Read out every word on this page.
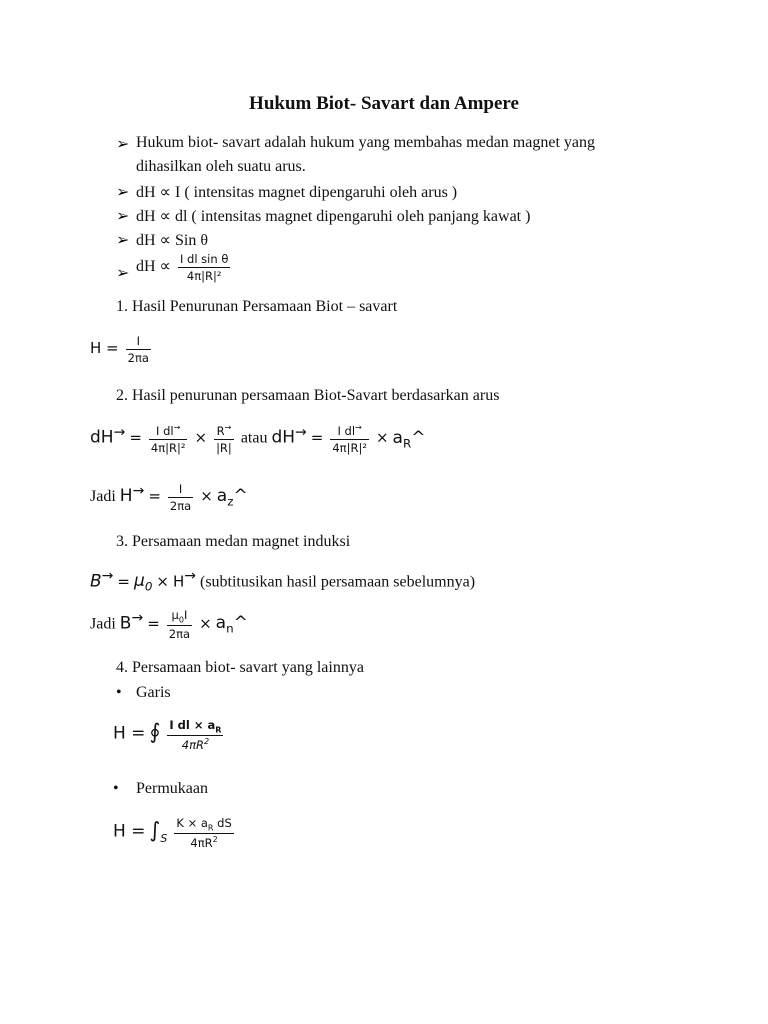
Hukum Biot- Savart dan Ampere
➢ Hukum biot- savart adalah hukum yang membahas medan magnet yang
dihasilkan oleh suatu arus.
➢ dH ∝ I ( intensitas magnet dipengaruhi oleh arus )
➢ dH ∝ dl ( intensitas magnet dipengaruhi oleh panjang kawat )
➢ dH ∝ Sin θ
➢ dH ∝ $\frac{\text{I dl sin θ}}{\text{4π|R|²}}$
1. Hasil Penurunan Persamaan Biot – savart
$H = \frac{I}{2\pi a}$
2. Hasil penurunan persamaan Biot-Savart berdasarkan arus
$dH^\to = \frac{I dl^\to}{\text{4π|R|²}} \times \frac{R^\to}{|R|}$ atau $dH^\to = \frac{I dl^\to}{\text{4π|R|²}}$ × $a_R\^{}$
Jadi $H^\to = \frac{I}{2\pi a}$ × $a_z\^{}$
3. Persamaan medan magnet induksi
$B^\to = \mu_0 \times H^\to$ (subtitusikan hasil persamaan sebelumnya)
Jadi $B^\to = \frac{\mu_0I}{2\pi a}$ × $a_n\^{}$
4. Persamaan biot- savart yang lainnya
• Garis
H = ∮ $\frac{I dl \times a_R}{4\pi R^2}$
• Permukaan
$H = \int_S \frac{K \times a_R dS}{4\pi R^2}$
